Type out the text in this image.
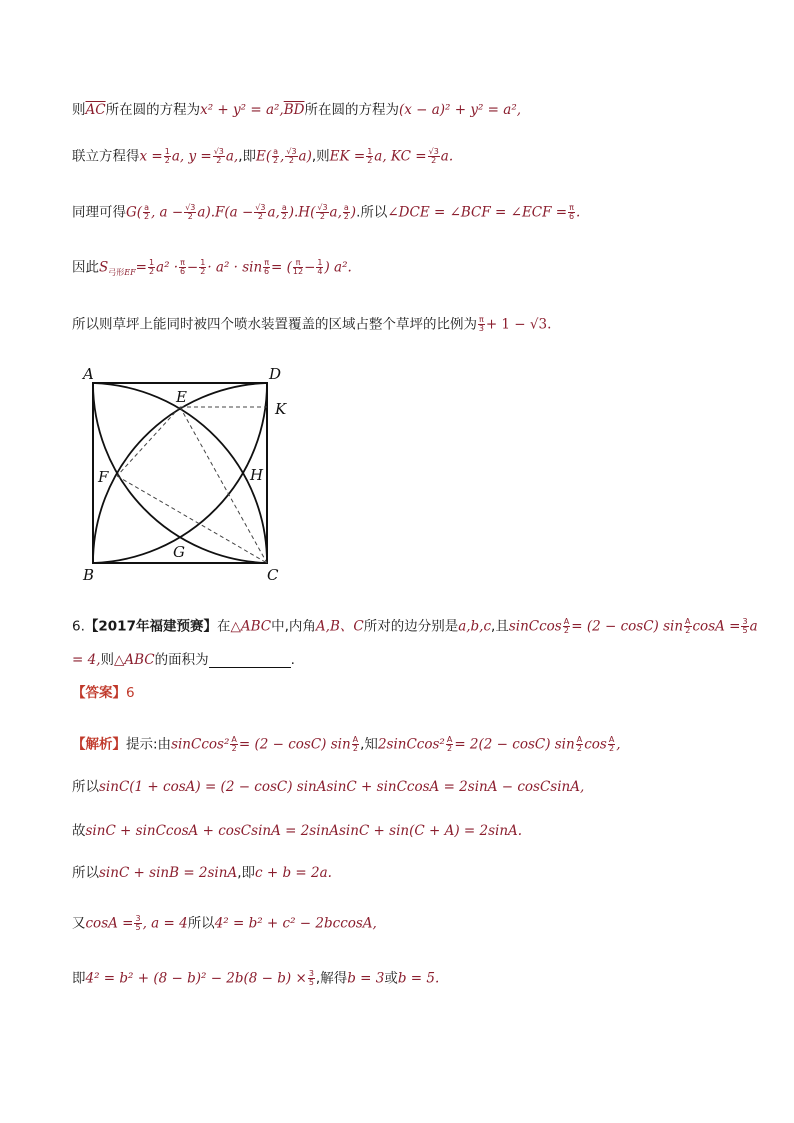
则$\overline{AC}$所在圆的方程为$x^2 + y^2 = a^2,\overline{BD}$所在圆的方程为(x − a)² + y² = a²,
联立方程得$x = \frac{1}{2} a$, $y = \frac{√3}{2} a$,,即$E( \frac{a}{2}$ , $\frac{√3}{2} a$),则EK = $\frac{1}{2} a$, KC = $\frac{√3}{2} a$.
同理可得$G( \frac{a}{2}$ , $a - \frac{√3}{2} a).F(a - \frac{√3}{2} a$, $\frac{a}{2} ).H( \frac{√3}{2} a$, $\frac{a}{2}$ ).所以∠DCE = ∠BCF = ∠ECF = $\frac{\pi}{6}$ .
因此$S_{弓形EF}= \frac{1}{2} a^2 \cdot \frac{\pi}{6} - \frac{1}{2} \cdot a^2 \cdot \sin \frac{\pi}{6}$ = ( $\frac{\pi}{12} - \frac{1}{4}$ ) a².
所以则草坪上能同时被四个喷水装置覆盖的区域占整个草坪的比例为 $\frac{\pi}{3} + 1 - √3$.
A	D
E
K
F	H
G
B	C
6.【2017年福建预赛】在△ABC中,内角A,B、C所对的边分别是a,b,c,且sinCcos $\frac{A}{2} = (2 - \cos C)$ $\sin \frac{A}{2}$ $\cos A = \frac{3}{5}$ a
= 4,则△ABC的面积为	.
【答案】6
【解析】提示:由sinCcos² $\frac{A}{2} = (2 - \cos C)$ $\sin \frac{A}{2}$ ,知2sinCcos² $\frac{A}{2} = 2(2 - \cos C)$ $\sin \frac{A}{2}$ $\cos \frac{A}{2}$ ,
所以sinC(1 + cosA) = (2 − cosC) sinAsinC + sinCcosA = 2sinA − cosCsinA,
故sinC + sinCcosA + cosCsinA = 2sinAsinC + sin(C + A) = 2sinA.
所以sinC + sinB = 2sinA,即c + b = 2a.
又$\cos A = \frac{3}{5}$ , a = 4所以4² = b² + c² − 2bccosA,
即$4^2 = b^2 + (8 - b)^2 - 2b(8 - b) \times \frac{3}{5}$ ,解得b = 3或b = 5.
